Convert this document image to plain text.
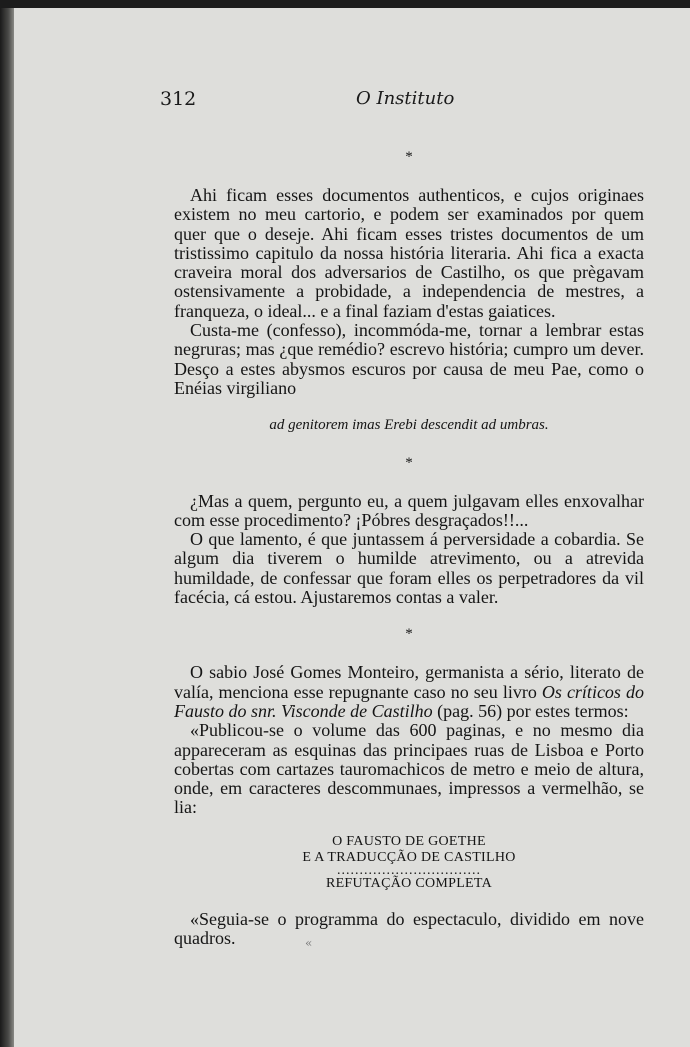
312	O Instituto
*

Ahi ficam esses documentos authenticos, e cujos originaes existem no meu cartorio, e podem ser examinados por quem quer que o deseje. Ahi ficam esses tristes documentos de um tristissimo capitulo da nossa história literaria. Ahi fica a exacta craveira moral dos adversarios de Castilho, os que prègavam ostensivamente a probidade, a independencia de mestres, a franqueza, o ideal... e a final faziam d'estas gaiatices.

Custa-me (confesso), incommóda-me, tornar a lembrar estas negruras; mas ¿que remédio? escrevo história; cumpro um dever. Desço a estes abysmos escuros por causa de meu Pae, como o Enéias virgiliano

ad genitorem imas Erebi descendit ad umbras.
*

¿Mas a quem, pergunto eu, a quem julgavam elles enxovalhar com esse procedimento? ¡Póbres desgraçados!!...

O que lamento, é que juntassem á perversidade a cobardia. Se algum dia tiverem o humilde atrevimento, ou a atrevida humildade, de confessar que foram elles os perpetradores da vil facécia, cá estou. Ajustaremos contas a valer.

*

O sabio José Gomes Monteiro, germanista a sério, literato de valía, menciona esse repugnante caso no seu livro Os críticos do Fausto do snr. Visconde de Castilho (pag. 56) por estes termos:

«Publicou-se o volume das 600 paginas, e no mesmo dia appareceram as esquinas das principaes ruas de Lisboa e Porto cobertas com cartazes tauromachicos de metro e meio de altura, onde, em caracteres descommunaes, impressos a vermelhão, se lia:

O FAUSTO DE GOETHE
E A TRADUCÇÃO DE CASTILHO
................................
REFUTAÇÃO COMPLETA

«Seguia-se o programma do espectaculo, dividido em nove quadros.	«
